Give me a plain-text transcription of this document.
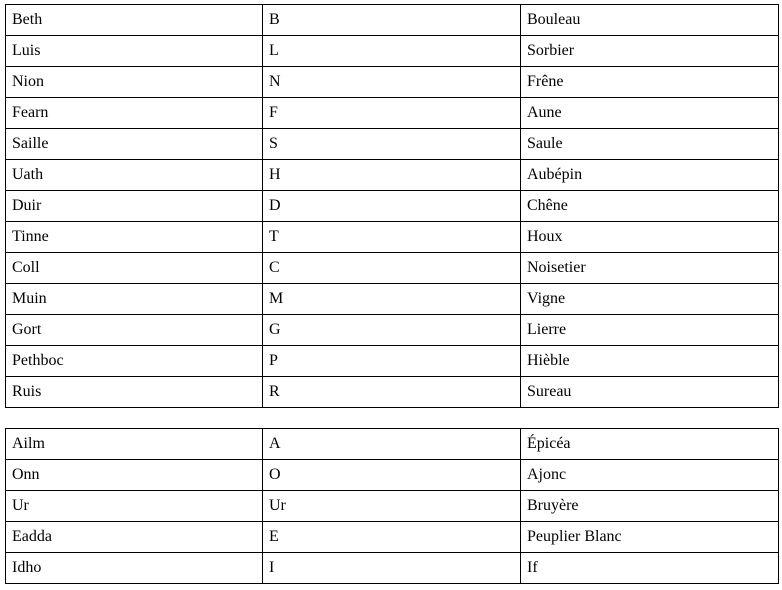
Beth	B	Bouleau
Luis	L	Sorbier
Nion	N	Frêne
Fearn	F	Aune
Saille	S	Saule
Uath	H	Aubépin
Duir	D	Chêne
Tinne	T	Houx
Coll	C	Noisetier
Muin	M	Vigne
Gort	G	Lierre
Pethboc	P	Hièble
Ruis	R	Sureau
Ailm	A	Épicéa
Onn	O	Ajonc
Ur	Ur	Bruyère
Eadda	E	Peuplier Blanc
Idho	I	If
